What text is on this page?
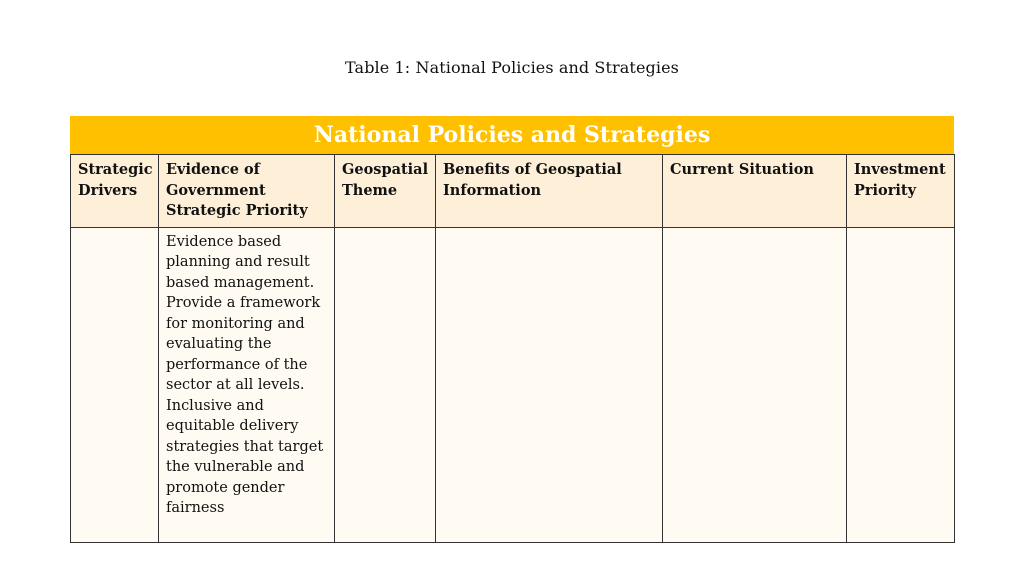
Table 1: National Policies and Strategies
National Policies and Strategies
Strategic Drivers	Evidence of Government Strategic Priority	Geospatial Theme	Benefits of Geospatial Information	Current Situation	Investment Priority
	Evidence based planning and result based management. Provide a framework for monitoring and evaluating the performance of the sector at all levels. Inclusive and equitable delivery strategies that target the vulnerable and promote gender fairness				
